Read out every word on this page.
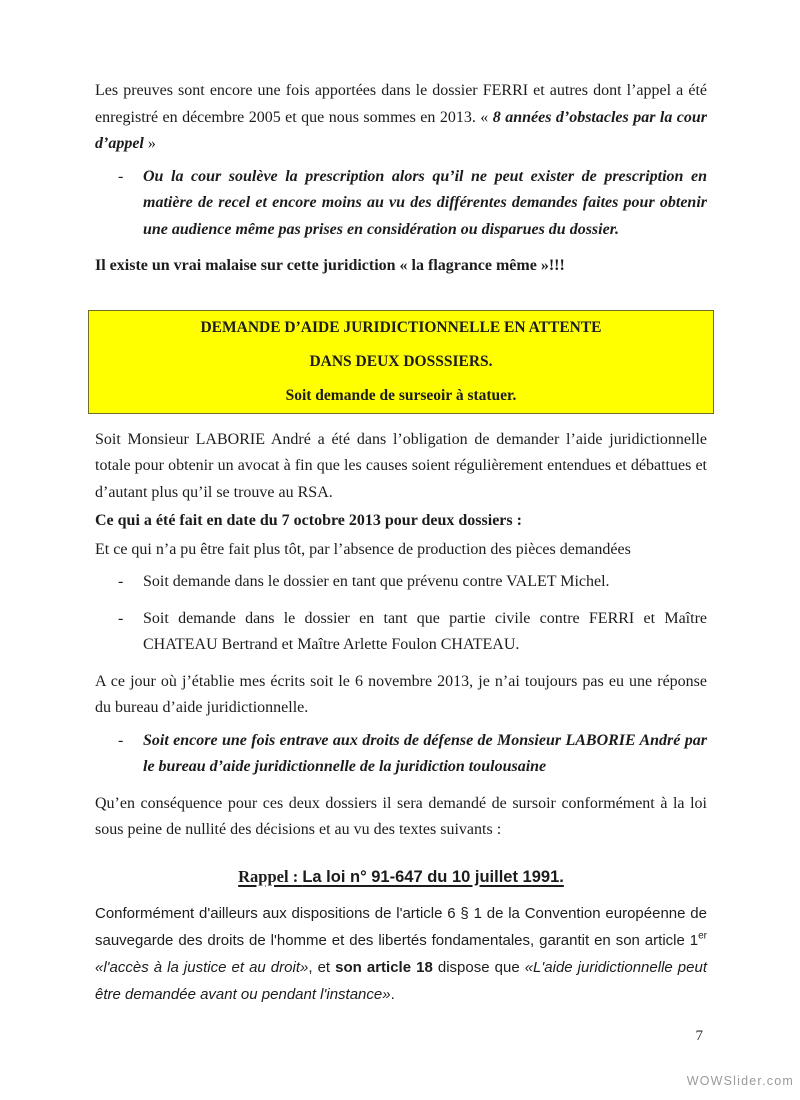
Les preuves sont encore une fois apportées dans le dossier FERRI et autres dont l’appel a été enregistré en décembre 2005 et que nous sommes en 2013. « 8 années d’obstacles par la cour d’appel »
-	Ou la cour soulève la prescription alors qu’il ne peut exister de prescription en matière de recel et encore moins au vu des différentes demandes faites pour obtenir une audience même pas prises en considération ou disparues du dossier.
Il existe un vrai malaise sur cette juridiction « la flagrance même »!!!

DEMANDE D’AIDE JURIDICTIONNELLE EN ATTENTE

DANS DEUX DOSSSIERS.

Soit demande de surseoir à statuer.

Soit Monsieur LABORIE André a été dans l’obligation de demander l’aide juridictionnelle totale pour obtenir un avocat à fin que les causes soient régulièrement entendues et débattues et d’autant plus qu’il se trouve au RSA.
Ce qui a été fait en date du 7 octobre 2013 pour deux dossiers :
Et ce qui n’a pu être fait plus tôt, par l’absence de production des pièces demandées
-	Soit demande dans le dossier en tant que prévenu contre VALET Michel.
-	Soit demande dans le dossier en tant que partie civile contre FERRI et Maître CHATEAU Bertrand et Maître Arlette Foulon CHATEAU.
A ce jour où j’établie mes écrits soit le 6 novembre 2013, je n’ai toujours pas eu une réponse du bureau d’aide juridictionnelle.
-	Soit encore une fois entrave aux droits de défense de Monsieur LABORIE André par le bureau d’aide juridictionnelle de la juridiction toulousaine
Qu’en conséquence pour ces deux dossiers il sera demandé de sursoir conformément à la loi sous peine de nullité des décisions et au vu des textes suivants :
Rappel : La loi n° 91-647 du 10 juillet 1991.
Conformément d'ailleurs aux dispositions de l'article 6 § 1 de la Convention européenne de sauvegarde des droits de l'homme et des libertés fondamentales, garantit en son article 1er «l'accès à la justice et au droit», et son article 18 dispose que «L'aide juridictionnelle peut être demandée avant ou pendant l'instance».
7
WOWSlider.com
